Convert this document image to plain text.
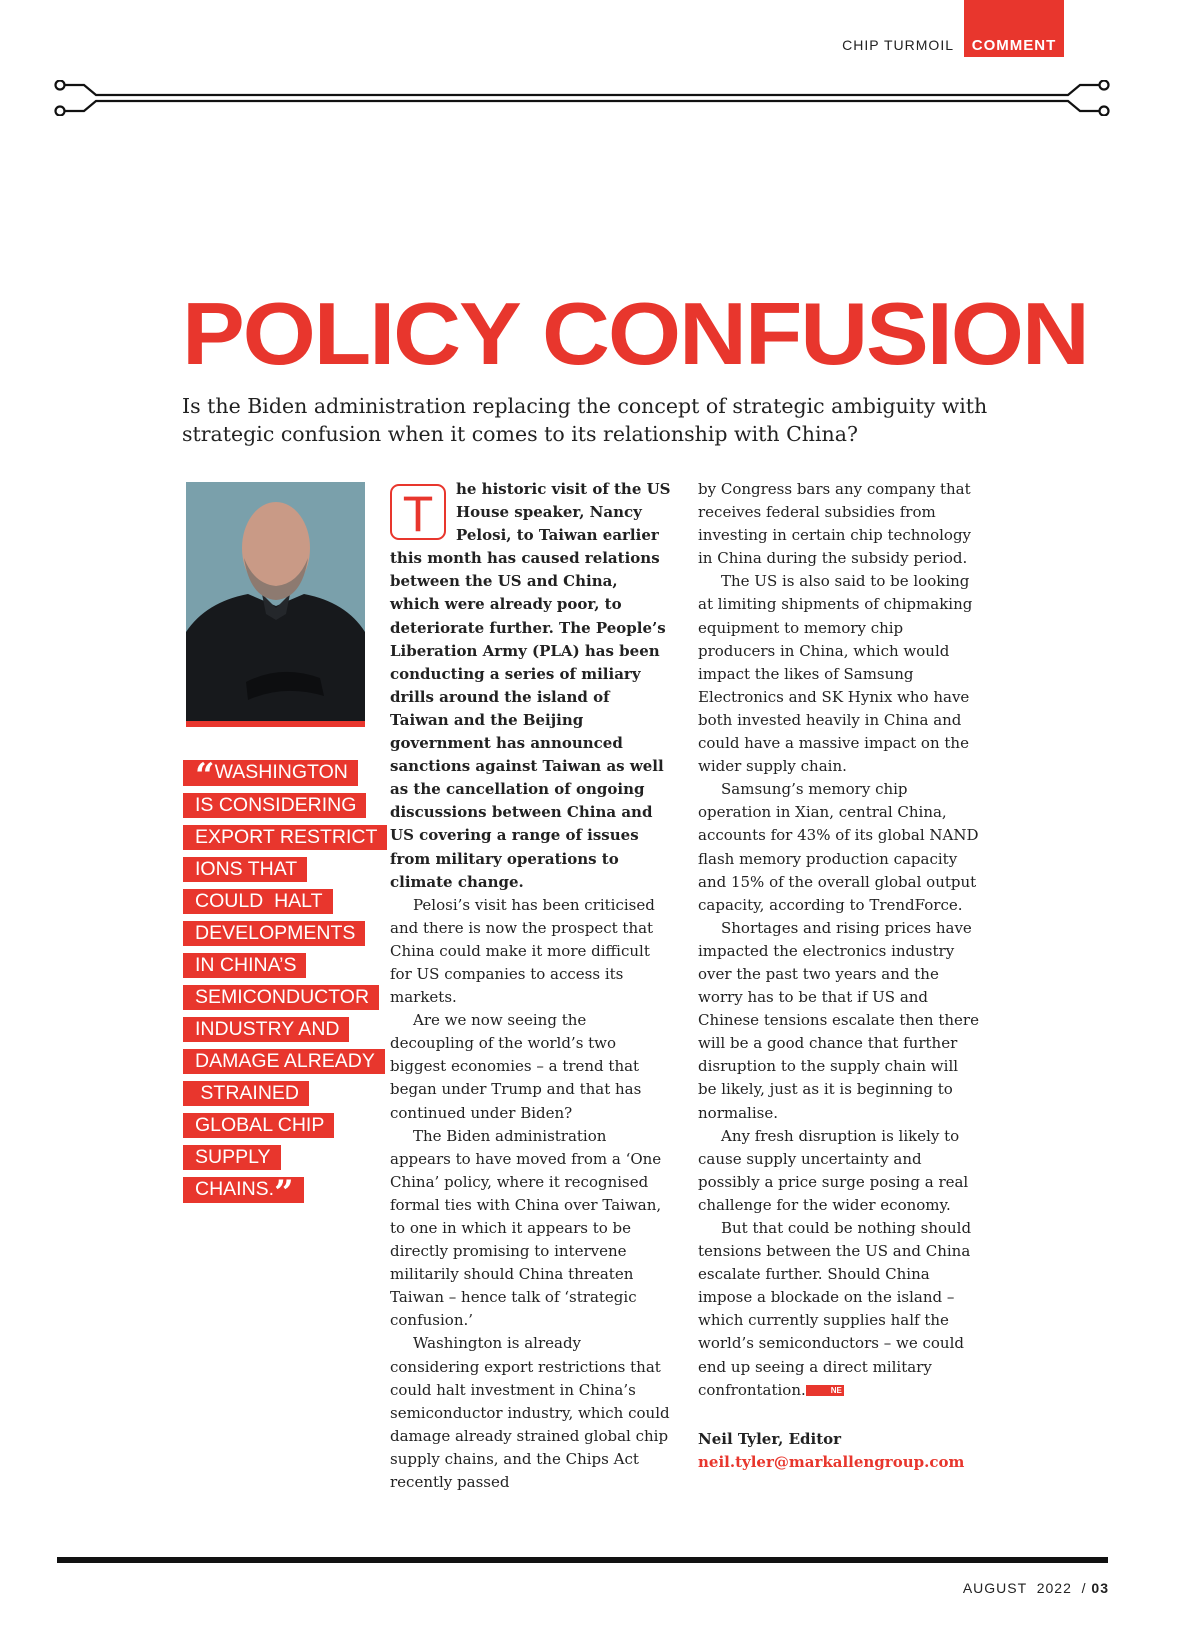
CHIP TURMOIL	COMMENT
POLICY CONFUSION

Is the Biden administration replacing the concept of strategic ambiguity with strategic confusion when it comes to its relationship with China?

“WASHINGTON
IS CONSIDERING
EXPORT RESTRICT
IONS THAT
COULD  HALT
DEVELOPMENTS
IN CHINA’S
SEMICONDUCTOR
INDUSTRY AND
DAMAGE ALREADY
STRAINED
GLOBAL CHIP
SUPPLY
CHAINS.”

T	he historic visit of the US House speaker, Nancy Pelosi, to Taiwan earlier this month has caused relations between the US and China, which were already poor, to deteriorate further. The People’s Liberation Army (PLA) has been conducting a series of miliary drills around the island of Taiwan and the Beijing government has announced sanctions against Taiwan as well as the cancellation of ongoing discussions between China and US covering a range of issues from military operations to climate change.

Pelosi’s visit has been criticised and there is now the prospect that China could make it more difficult for US companies to access its markets.

Are we now seeing the decoupling of the world’s two biggest economies – a trend that began under Trump and that has continued under Biden?

The Biden administration appears to have moved from a ‘One China’ policy, where it recognised formal ties with China over Taiwan, to one in which it appears to be directly promising to intervene militarily should China threaten Taiwan – hence talk of ‘strategic confusion.’

Washington is already considering export restrictions that could halt investment in China’s semiconductor industry, which could damage already strained global chip supply chains, and the Chips Act recently passed

by Congress bars any company that receives federal subsidies from investing in certain chip technology in China during the subsidy period.

The US is also said to be looking at limiting shipments of chipmaking equipment to memory chip producers in China, which would impact the likes of Samsung Electronics and SK Hynix who have both invested heavily in China and could have a massive impact on the wider supply chain.

Samsung’s memory chip operation in Xian, central China, accounts for 43% of its global NAND flash memory production capacity and 15% of the overall global output capacity, according to TrendForce.

Shortages and rising prices have impacted the electronics industry over the past two years and the worry has to be that if US and Chinese tensions escalate then there will be a good chance that further disruption to the supply chain will be likely, just as it is beginning to normalise.

Any fresh disruption is likely to cause supply uncertainty and possibly a price surge posing a real challenge for the wider economy.

But that could be nothing should tensions between the US and China escalate further. Should China impose a blockade on the island – which currently supplies half the world’s semiconductors – we could end up seeing a direct military confrontation.	NE

Neil Tyler, Editor

neil.tyler@markallengroup.com

AUGUST  2022  / 03
